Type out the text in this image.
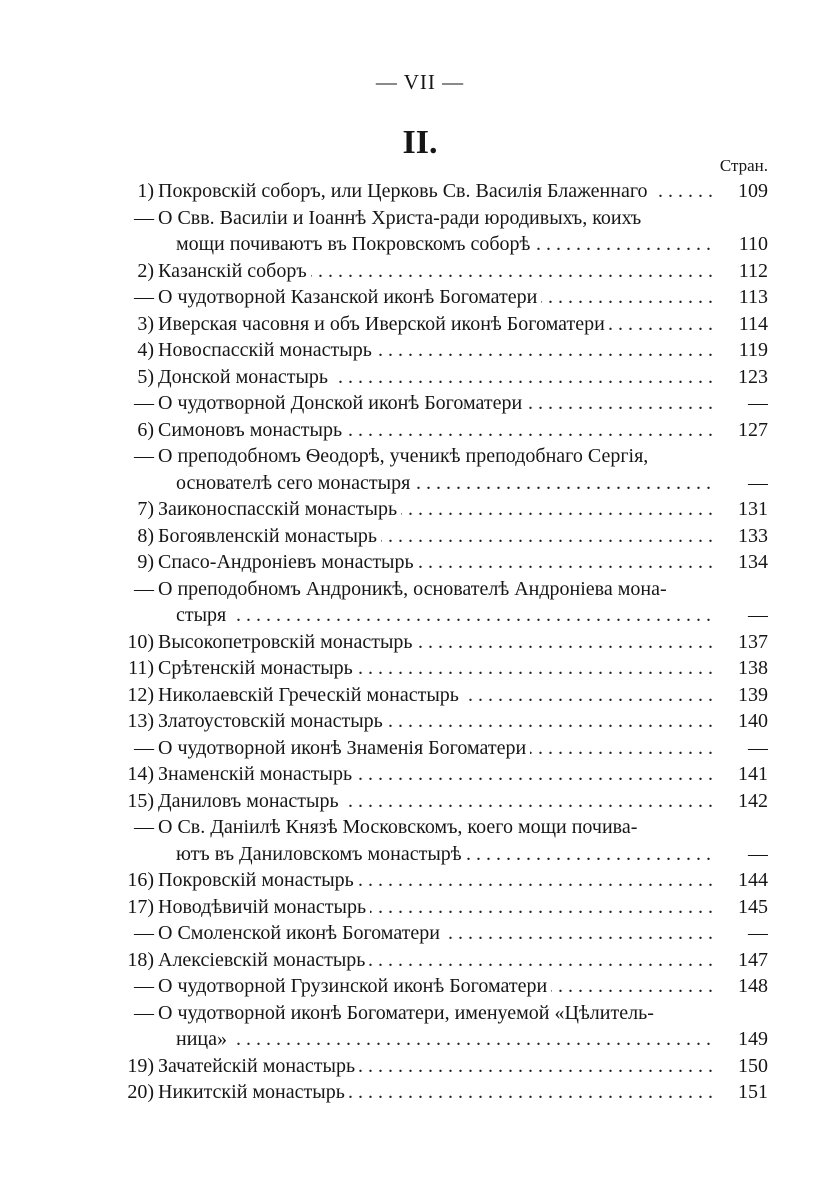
— VII —
II.
Стран.
1) Покровскій соборъ, или Церковь Св. Василія Блаженнаго . . .	109
— О Свв. Василіи и Іоаннѣ Христа-ради юродивыхъ, коихъ
мощи почиваютъ въ Покровскомъ соборѣ . . .	110
2) Казанскій соборъ . . .	112
— О чудотворной Казанской иконѣ Богоматери . . .	113
3) Иверская часовня и объ Иверской иконѣ Богоматери . . .	114
4) Новоспасскій монастырь . . .	119
5) Донской монастырь . . .	123
— О чудотворной Донской иконѣ Богоматери . . .	—
6) Симоновъ монастырь . . .	127
— О преподобномъ Ѳеодорѣ, ученикѣ преподобнаго Сергія,
основателѣ сего монастыря . . .	—
7) Заиконоспасскій монастырь . . .	131
8) Богоявленскій монастырь . . .	133
9) Спасо-Андроніевъ монастырь . . .	134
— О преподобномъ Андроникѣ, основателѣ Андроніева мона-
стыря . . .	—
10) Высокопетровскій монастырь . . .	137
11) Срѣтенскій монастырь . . .	138
12) Николаевскій Греческій монастырь . . .	139
13) Златоустовскій монастырь . . .	140
— О чудотворной иконѣ Знаменія Богоматери . . .	—
14) Знаменскій монастырь . . .	141
15) Даниловъ монастырь . . .	142
— О Св. Даніилѣ Князѣ Московскомъ, коего мощи почива-
ютъ въ Даниловскомъ монастырѣ . . .	—
16) Покровскій монастырь . . .	144
17) Новодѣвичій монастырь . . .	145
— О Смоленской иконѣ Богоматери . . .	—
18) Алексіевскій монастырь . . .	147
— О чудотворной Грузинской иконѣ Богоматери . . .	148
— О чудотворной иконѣ Богоматери, именуемой «Цѣлитель-
ница» . . .	149
19) Зачатейскій монастырь . . .	150
20) Никитскій монастырь . . .	151
